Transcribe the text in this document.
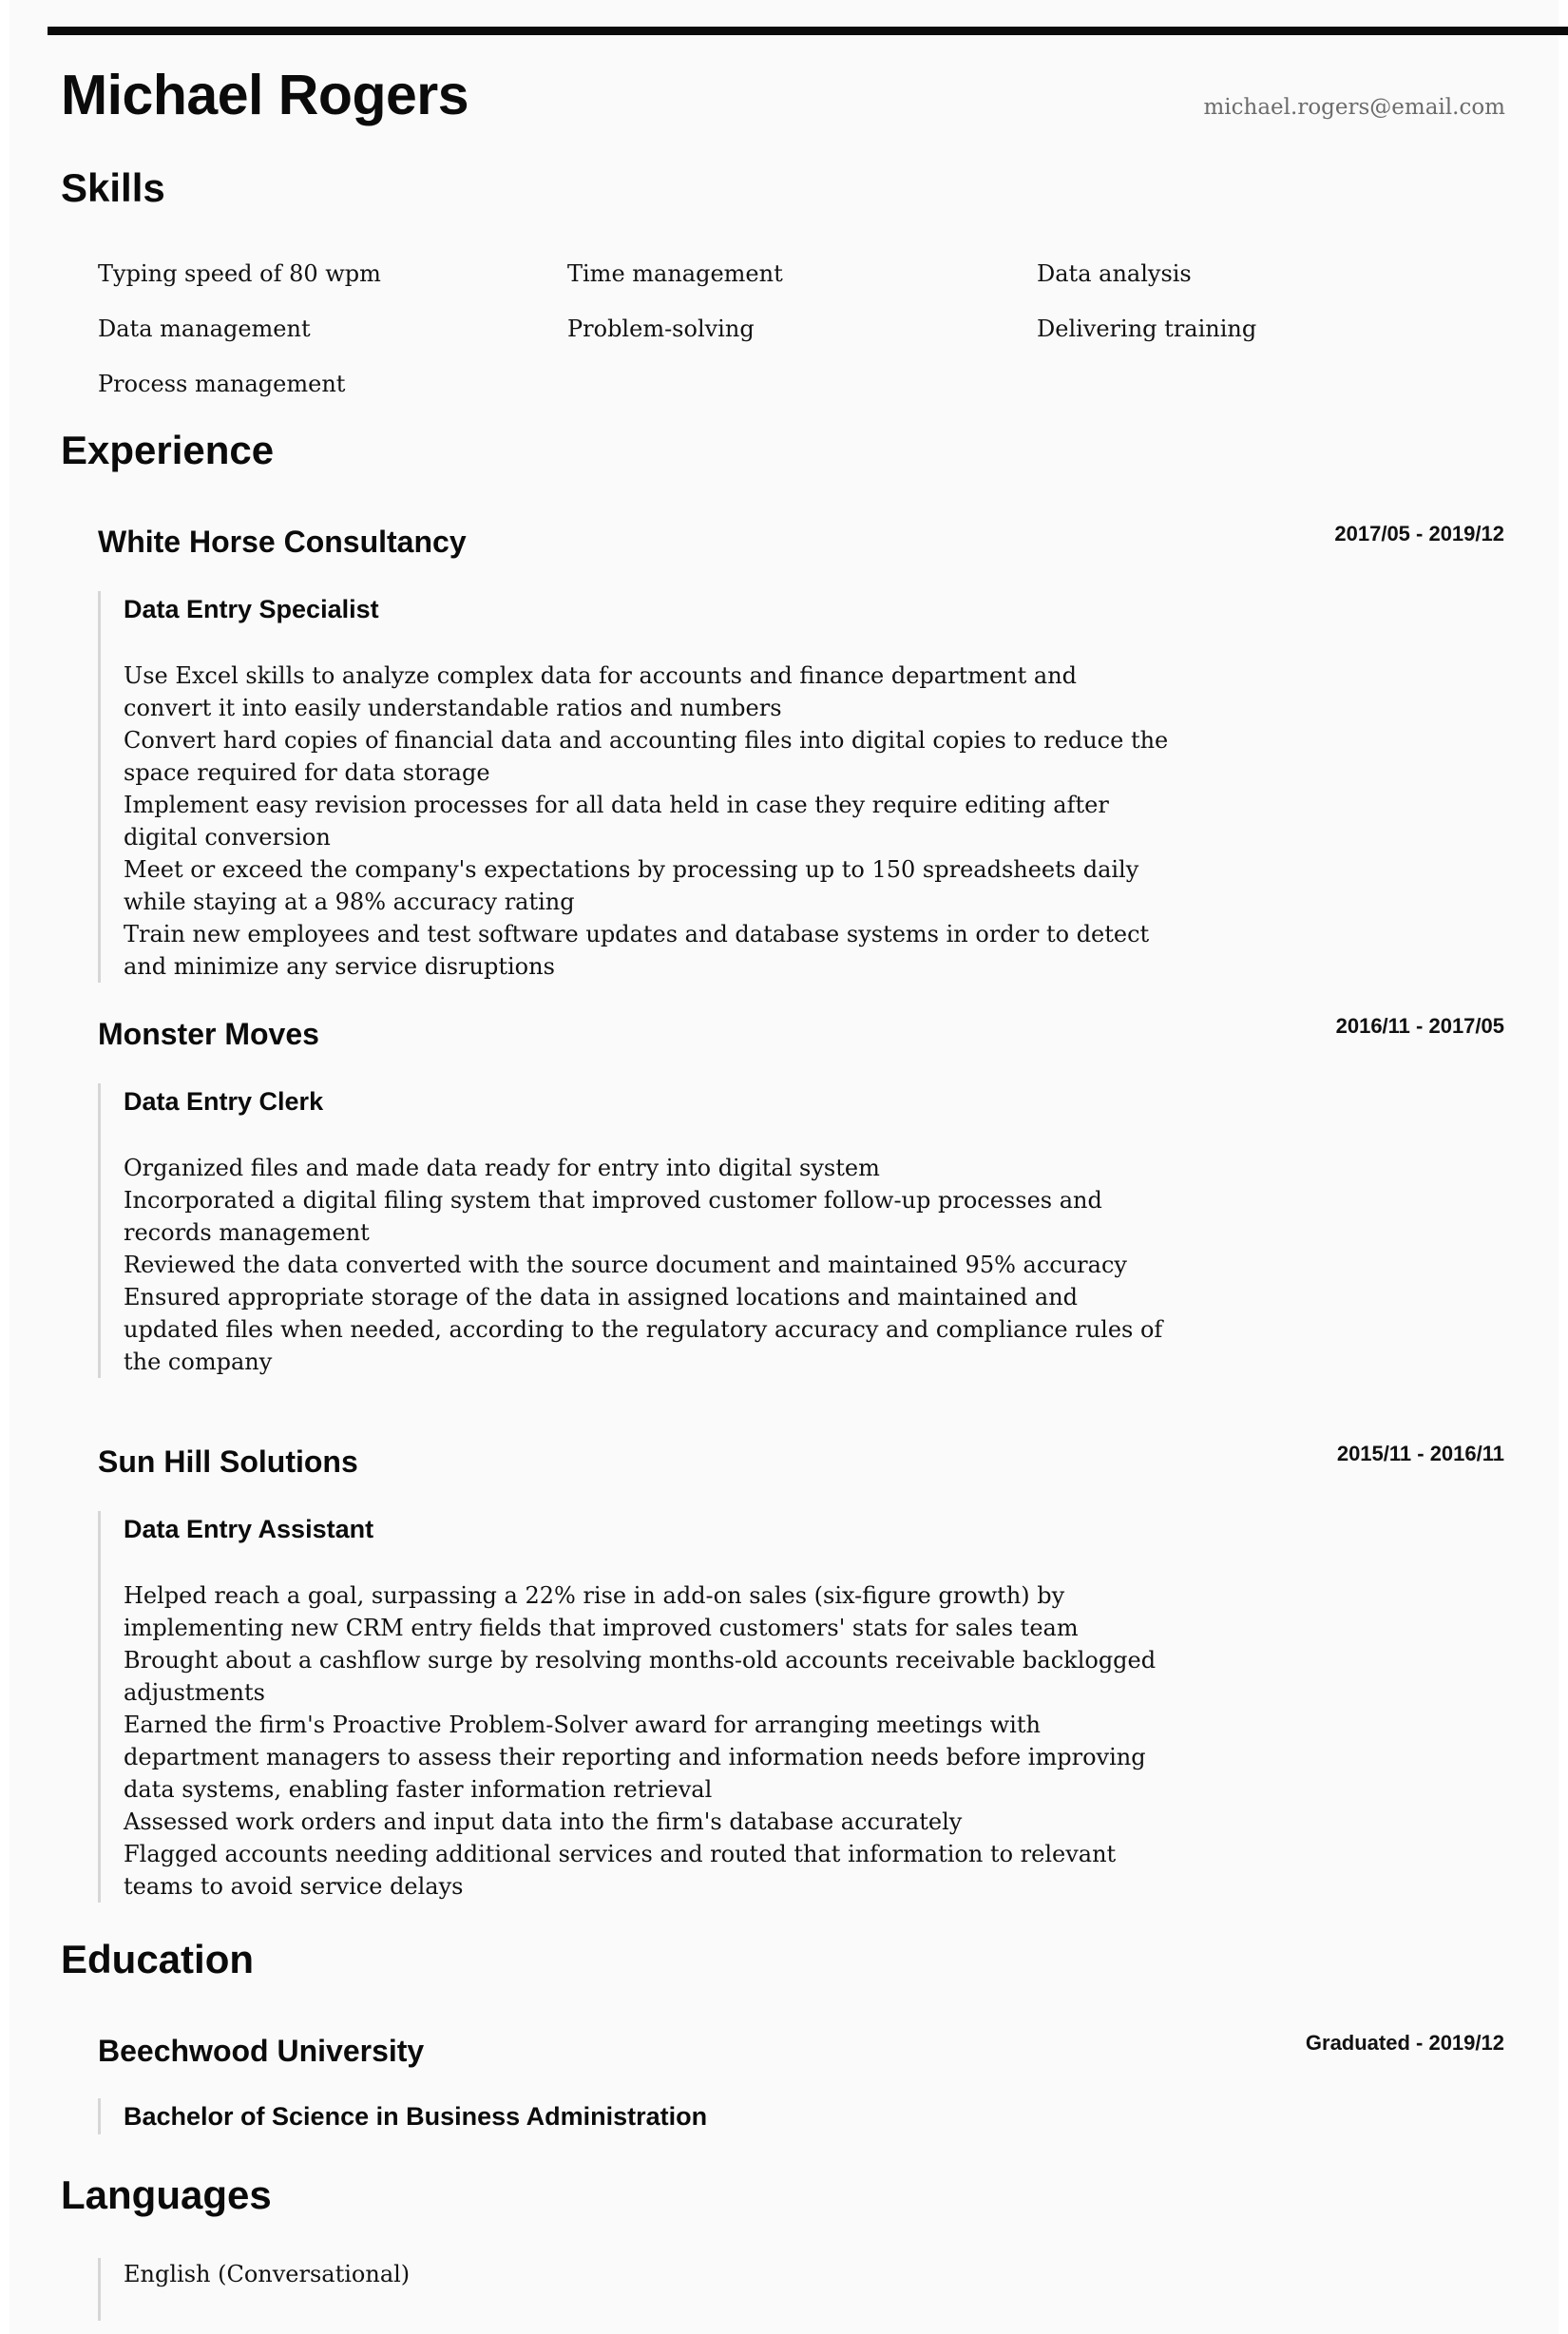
Michael Rogers	michael.rogers@email.com
Skills
Typing speed of 80 wpm	Time management	Data analysis
Data management	Problem-solving	Delivering training
Process management
Experience
White Horse Consultancy	2017/05 - 2019/12
Data Entry Specialist
Use Excel skills to analyze complex data for accounts and finance department and convert it into easily understandable ratios and numbers
Convert hard copies of financial data and accounting files into digital copies to reduce the space required for data storage
Implement easy revision processes for all data held in case they require editing after digital conversion
Meet or exceed the company's expectations by processing up to 150 spreadsheets daily while staying at a 98% accuracy rating
Train new employees and test software updates and database systems in order to detect and minimize any service disruptions
Monster Moves	2016/11 - 2017/05
Data Entry Clerk
Organized files and made data ready for entry into digital system
Incorporated a digital filing system that improved customer follow-up processes and records management
Reviewed the data converted with the source document and maintained 95% accuracy
Ensured appropriate storage of the data in assigned locations and maintained and updated files when needed, according to the regulatory accuracy and compliance rules of the company
Sun Hill Solutions	2015/11 - 2016/11
Data Entry Assistant
Helped reach a goal, surpassing a 22% rise in add-on sales (six-figure growth) by implementing new CRM entry fields that improved customers' stats for sales team
Brought about a cashflow surge by resolving months-old accounts receivable backlogged adjustments
Earned the firm's Proactive Problem-Solver award for arranging meetings with department managers to assess their reporting and information needs before improving data systems, enabling faster information retrieval
Assessed work orders and input data into the firm's database accurately
Flagged accounts needing additional services and routed that information to relevant teams to avoid service delays
Education
Beechwood University	Graduated - 2019/12
Bachelor of Science in Business Administration
Languages
English (Conversational)
